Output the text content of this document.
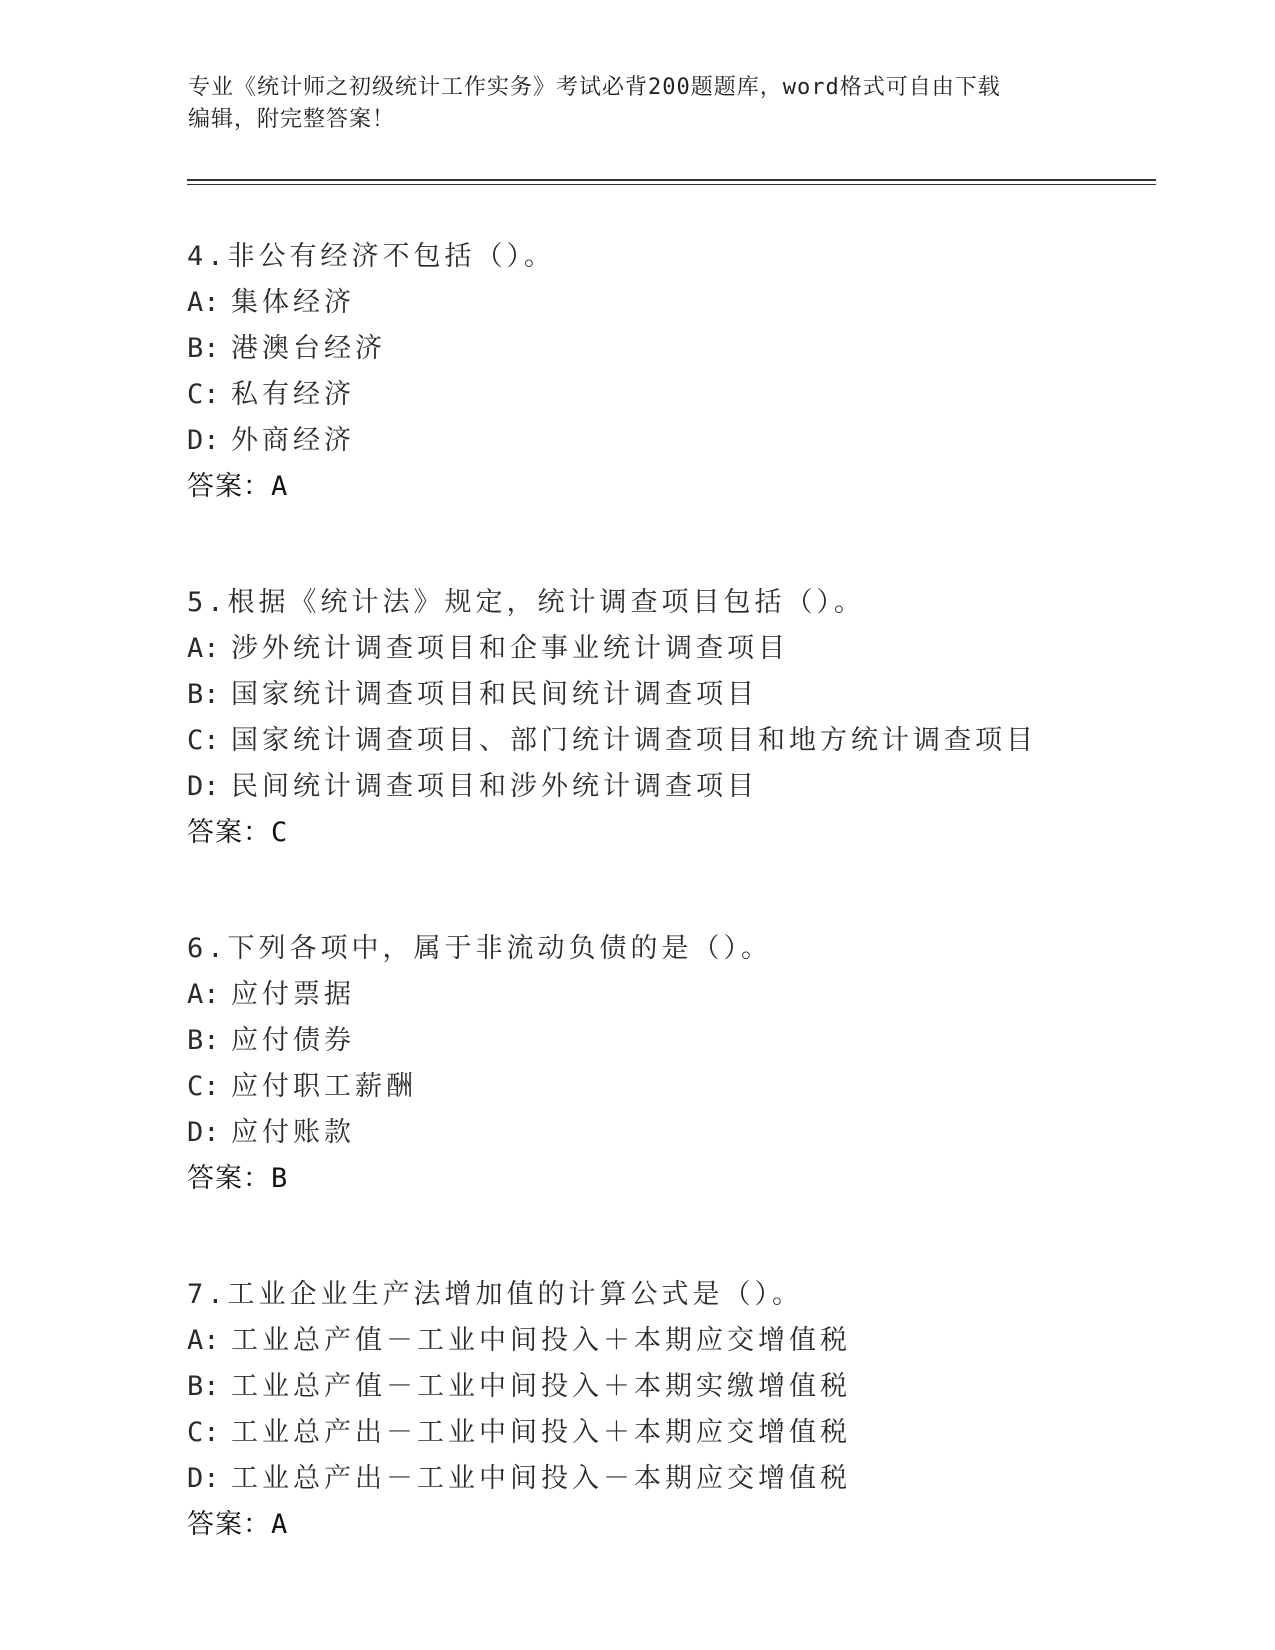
专业《统计师之初级统计工作实务》考试必背200题题库，word格式可自由下载
编辑，附完整答案！
4.非公有经济不包括（）。
A: 集体经济
B: 港澳台经济
C: 私有经济
D: 外商经济
答案：A
5.根据《统计法》规定，统计调查项目包括（）。
A: 涉外统计调查项目和企事业统计调查项目
B: 国家统计调查项目和民间统计调查项目
C: 国家统计调查项目、部门统计调查项目和地方统计调查项目
D: 民间统计调查项目和涉外统计调查项目
答案：C
6.下列各项中，属于非流动负债的是（）。
A: 应付票据
B: 应付债券
C: 应付职工薪酬
D: 应付账款
答案：B
7.工业企业生产法增加值的计算公式是（）。
A: 工业总产值－工业中间投入＋本期应交增值税
B: 工业总产值－工业中间投入＋本期实缴增值税
C: 工业总产出－工业中间投入＋本期应交增值税
D: 工业总产出－工业中间投入－本期应交增值税
答案：A
